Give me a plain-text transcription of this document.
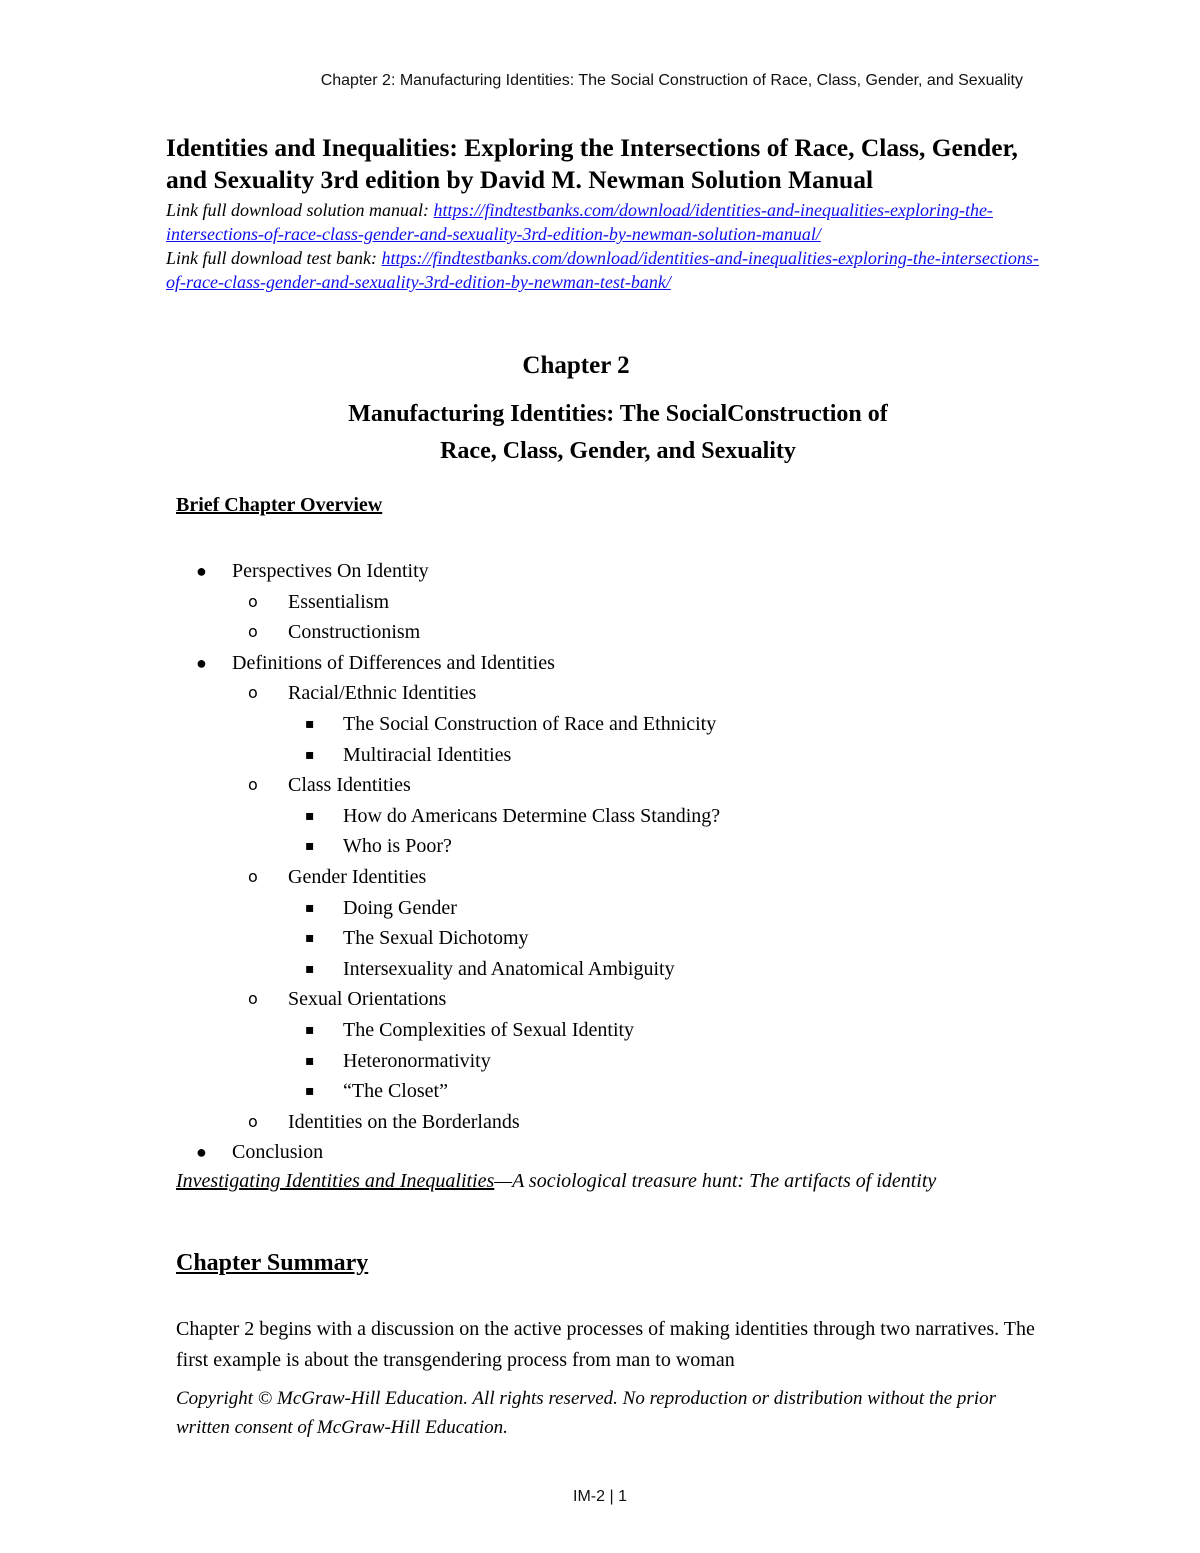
Chapter 2: Manufacturing Identities: The Social Construction of Race, Class, Gender, and Sexuality
Identities and Inequalities: Exploring the Intersections of Race, Class, Gender, and Sexuality 3rd edition by David M. Newman Solution Manual
Link full download solution manual: https://findtestbanks.com/download/identities-and-inequalities-exploring-the-intersections-of-race-class-gender-and-sexuality-3rd-edition-by-newman-solution-manual/
Link full download test bank: https://findtestbanks.com/download/identities-and-inequalities-exploring-the-intersections-of-race-class-gender-and-sexuality-3rd-edition-by-newman-test-bank/
Chapter 2
Manufacturing Identities: The SocialConstruction of
Race, Class, Gender, and Sexuality
Brief Chapter Overview
● Perspectives On Identity
o Essentialism
o Constructionism
● Definitions of Differences and Identities
o Racial/Ethnic Identities
▪ The Social Construction of Race and Ethnicity
▪ Multiracial Identities
o Class Identities
▪ How do Americans Determine Class Standing?
▪ Who is Poor?
o Gender Identities
▪ Doing Gender
▪ The Sexual Dichotomy
▪ Intersexuality and Anatomical Ambiguity
o Sexual Orientations
▪ The Complexities of Sexual Identity
▪ Heteronormativity
▪ “The Closet”
o Identities on the Borderlands
● Conclusion
Investigating Identities and Inequalities—A sociological treasure hunt: The artifacts of identity
Chapter Summary
Chapter 2 begins with a discussion on the active processes of making identities through two narratives. The first example is about the transgendering process from man to woman
Copyright © McGraw-Hill Education. All rights reserved. No reproduction or distribution without the prior written consent of McGraw-Hill Education.
IM-2 | 1
